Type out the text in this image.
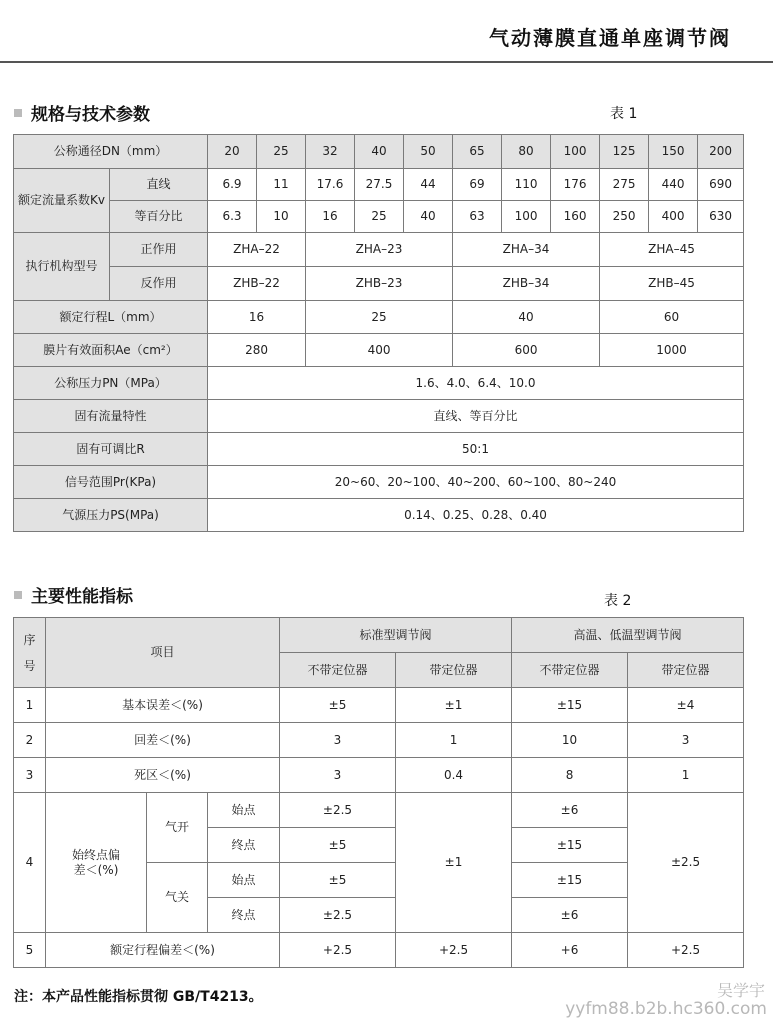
气动薄膜直通单座调节阀
规格与技术参数	表 1
公称通径DN（mm）		20	25	32	40	50	65	80	100	125	150	200
额定流量系数Kv	直线	6.9	11	17.6	27.5	44	69	110	176	275	440	690
	等百分比	6.3	10	16	25	40	63	100	160	250	400	630
执行机构型号	正作用	ZHA–22		ZHA–23			ZHA–34			ZHA–45		
	反作用	ZHB–22		ZHB–23			ZHB–34			ZHB–45		
额定行程L（mm）		16		25			40			60		
膜片有效面积Ae（cm²）		280		400			600			1000		
公称压力PN（MPa）		1.6、4.0、6.4、10.0										
固有流量特性		直线、等百分比										
固有可调比R		50:1										
信号范围Pr(KPa)		20~60、20~100、40~200、60~100、80~240										
气源压力PS(MPa)		0.14、0.25、0.28、0.40										
主要性能指标	表 2
序号	项目			标准型调节阀		高温、低温型调节阀	
				不带定位器	带定位器	不带定位器	带定位器
1	基本误差＜(%)			±5	±1	±15	±4
2	回差＜(%)			3	1	10	3
3	死区＜(%)			3	0.4	8	1
4	始终点偏差＜(%)	气开	始点	±2.5	±1	±6	±2.5
			终点	±5		±15	
		气关	始点	±5		±15	
			终点	±2.5		±6	
5	额定行程偏差＜(%)			+2.5	+2.5	+6	+2.5
注：本产品性能指标贯彻 GB/T4213。	吴学宇
yyfm88.b2b.hc360.com
